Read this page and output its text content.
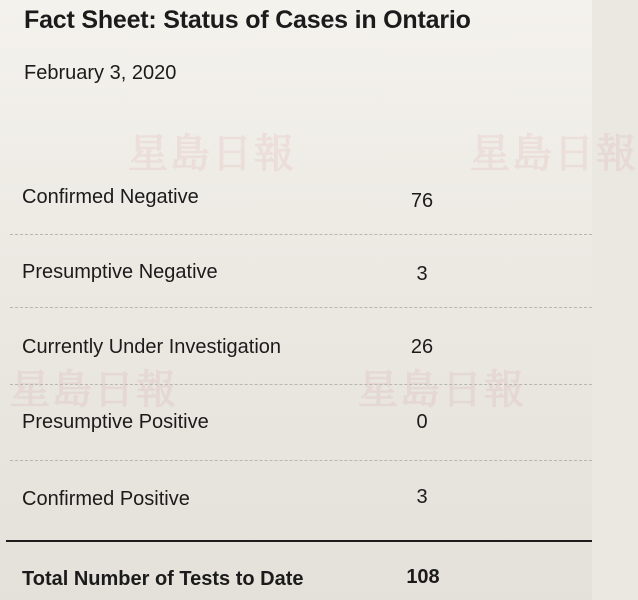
Fact Sheet: Status of Cases in Ontario
February 3, 2020
星島日報	星島日報
星島日報	星島日報
Confirmed Negative	76
Presumptive Negative	3
Currently Under Investigation	26
Presumptive Positive	0
Confirmed Positive	3
Total Number of Tests to Date	108
